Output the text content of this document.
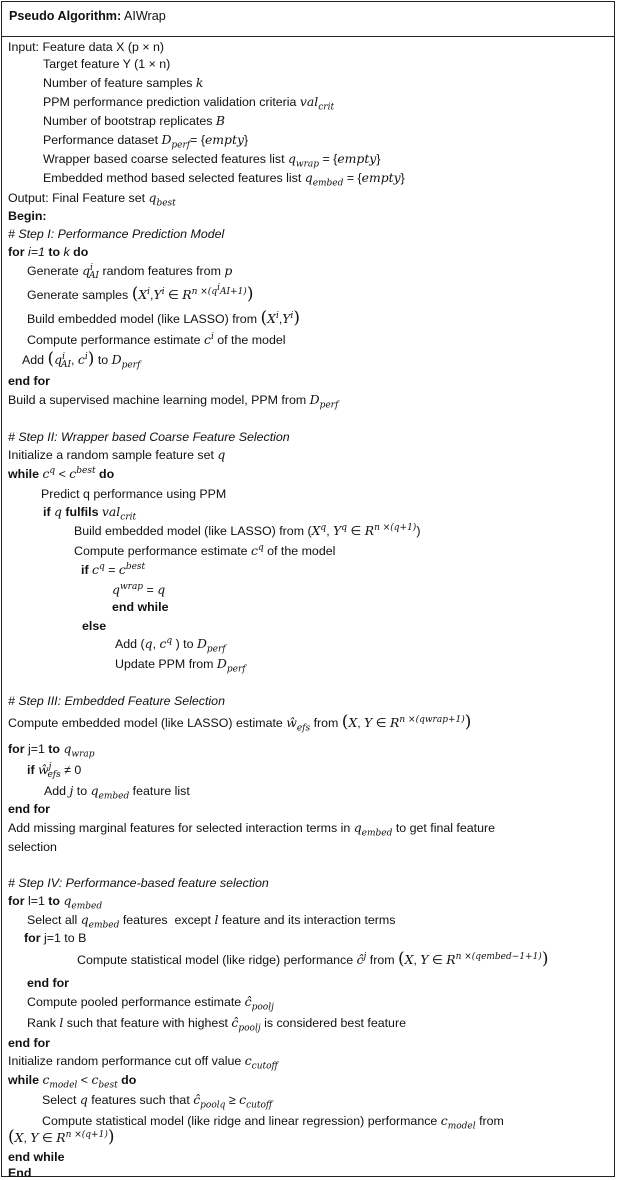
Pseudo Algorithm: AIWrap
Input: Feature data X (p × n)
Target feature Y (1 × n)
Number of feature samples k
PPM performance prediction validation criteria val$_{crit}$
Number of bootstrap replicates B
Performance dataset $D_{perf}=$ {empty}
Wrapper based coarse selected features list $q_{wrap}$ = {empty}
Embedded method based selected features list $q_{embed}$ = {empty}
Output: Final Feature set $q_{best}$
Begin:
# Step I: Performance Prediction Model
for i=1 to k do
Generate $q^i_{AI}$ random features from p
Generate samples ($X^i,Y^i$ ∈ $R^{n \times(q^iAI+1)}$)
Build embedded model (like LASSO) from $(X^i,Y^i)$
Compute performance estimate $c^i$ of the model
Add ($q^i_{AI}$, $c^i$) to $D_{perf}$
end for
Build a supervised machine learning model, PPM from $D_{perf}$
# Step II: Wrapper based Coarse Feature Selection
Initialize a random sample feature set q
while $c^q < c^{best}$ do
Predict q performance using PPM
if q fulfils val$_{crit}$
Build embedded model (like LASSO) from ($X^q$, $Y^q$ ∈ $R^{n \times(q+1)}$)
Compute performance estimate $c^q$ of the model
if $c^q = c^{best}$
$q^{wrap} = q$
end while
else
Add (q, $c^q$ ) to $D_{perf}$
Update PPM from $D_{perf}$
# Step III: Embedded Feature Selection
Compute embedded model (like LASSO) estimate $ŵ_{efs}$ from (X, Y ∈ $R^{n \times(qwrap+1)}$)
for j=1 to $q_{wrap}$
if $ŵ^j_{efs} \ne 0$
Add j to $q_{embed}$ feature list
end for
Add missing marginal features for selected interaction terms in $q_{embed}$ to get final feature
selection
# Step IV: Performance-based feature selection
for l=1 to $q_{embed}$
Select all $q_{embed}$ features  except l feature and its interaction terms
for j=1 to B
Compute statistical model (like ridge) performance $ĉ^j$ from (X, Y ∈ $R^{n \times(qembed-1+1)}$)
end for
Compute pooled performance estimate $ĉ_{poolj}$
Rank l such that feature with highest $ĉ_{poolj}$ is considered best feature
end for
Initialize random performance cut off value $c_{cutoff}$
while $c_{model} < c_{best}$ do
Select q features such that $ĉ_{poolq} \ge c_{cutoff}$
Compute statistical model (like ridge and linear regression) performance $c_{model}$ from
(X, Y ∈ $R^{n \times(q+1)}$)
end while
End
